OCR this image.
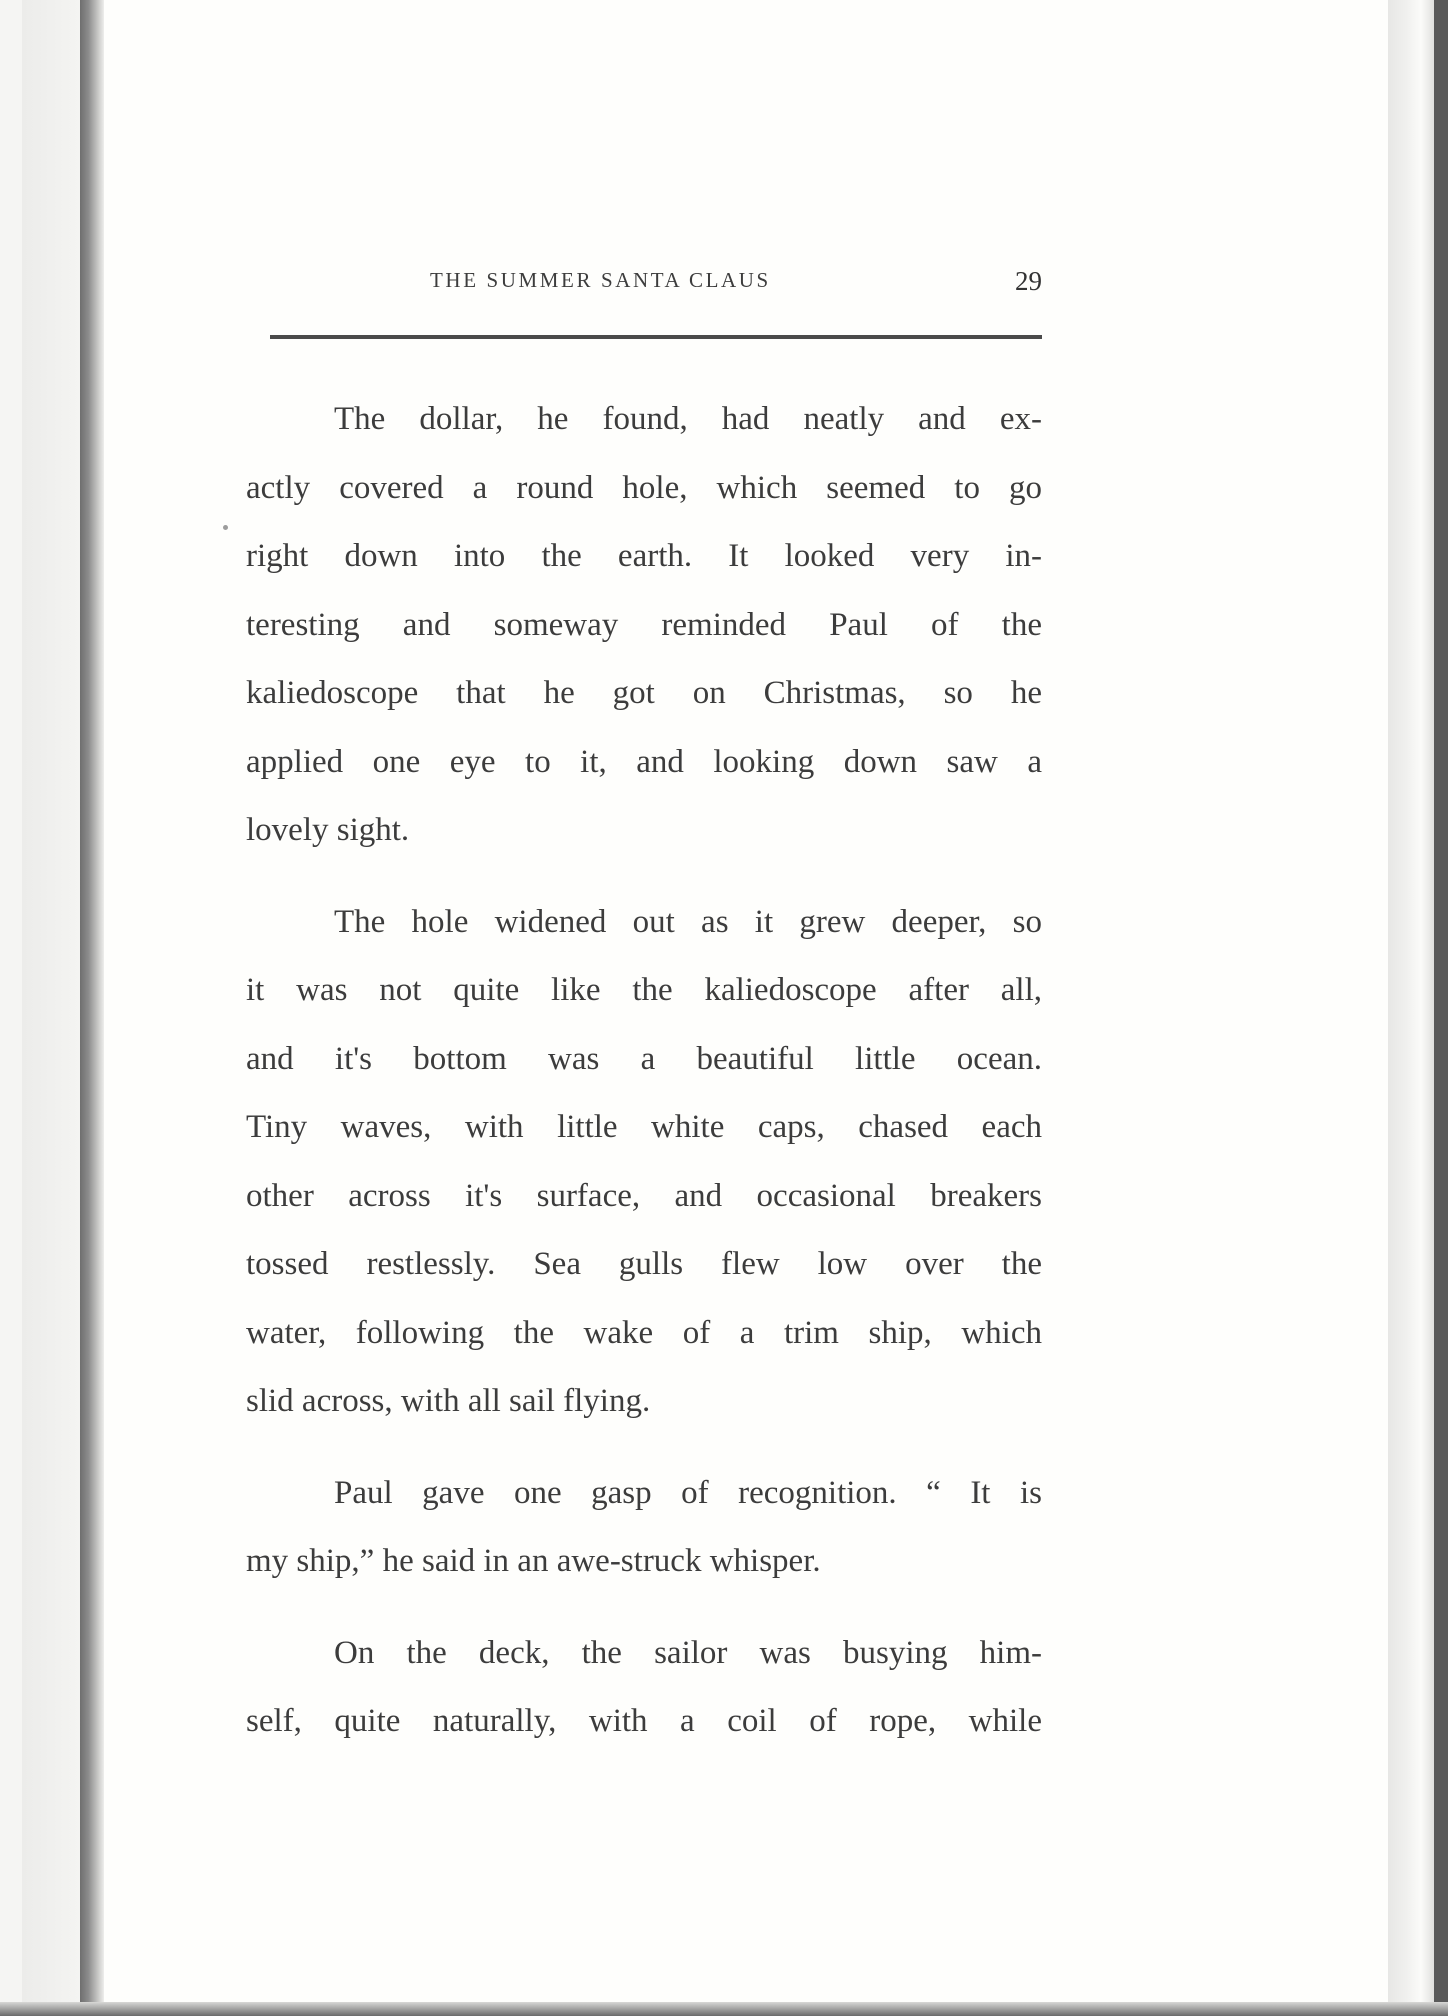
THE SUMMER SANTA CLAUS	29
The dollar, he found, had neatly and ex-
actly covered a round hole, which seemed to go
right down into the earth. It looked very in-
teresting and someway reminded Paul of the
kaliedoscope that he got on Christmas, so he
applied one eye to it, and looking down saw a
lovely sight.
The hole widened out as it grew deeper, so
it was not quite like the kaliedoscope after all,
and it's bottom was a beautiful little ocean.
Tiny waves, with little white caps, chased each
other across it's surface, and occasional breakers
tossed restlessly. Sea gulls flew low over the
water, following the wake of a trim ship, which
slid across, with all sail flying.
Paul gave one gasp of recognition. “ It is
my ship,” he said in an awe-struck whisper.
On the deck, the sailor was busying him-
self, quite naturally, with a coil of rope, while
